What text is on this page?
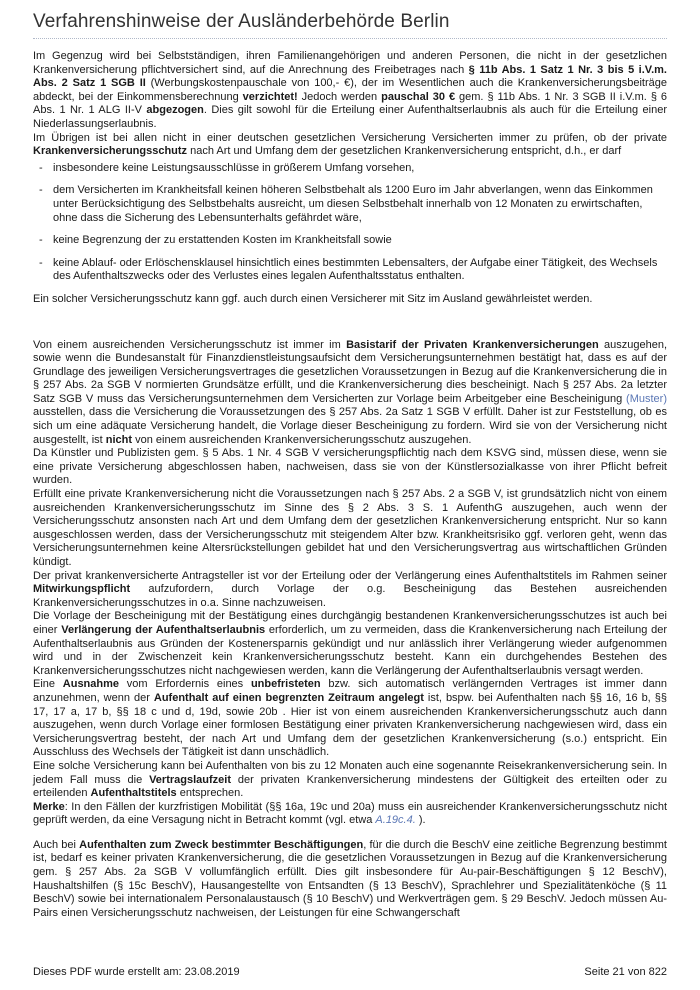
Verfahrenshinweise der Ausländerbehörde Berlin

Im Gegenzug wird bei Selbstständigen, ihren Familienangehörigen und anderen Personen, die nicht in der gesetzlichen Krankenversicherung pflichtversichert sind, auf die Anrechnung des Freibetrages nach § 11b Abs. 1 Satz 1 Nr. 3 bis 5 i.V.m. Abs. 2 Satz 1 SGB II (Werbungskostenpauschale von 100,- €), der im Wesentlichen auch die Krankenversicherungsbeiträge abdeckt, bei der Einkommensberechnung verzichtet! Jedoch werden pauschal 30 € gem. § 11b Abs. 1 Nr. 3 SGB II i.V.m. § 6 Abs. 1 Nr. 1 ALG II-V abgezogen. Dies gilt sowohl für die Erteilung einer Aufenthaltserlaubnis als auch für die Erteilung einer Niederlassungserlaubnis.

Im Übrigen ist bei allen nicht in einer deutschen gesetzlichen Versicherung Versicherten immer zu prüfen, ob der private Krankenversicherungsschutz nach Art und Umfang dem der gesetzlichen Krankenversicherung entspricht, d.h., er darf

- insbesondere keine Leistungsausschlüsse in größerem Umfang vorsehen,
- dem Versicherten im Krankheitsfall keinen höheren Selbstbehalt als 1200 Euro im Jahr abverlangen, wenn das Einkommen unter Berücksichtigung des Selbstbehalts ausreicht, um diesen Selbstbehalt innerhalb von 12 Monaten zu erwirtschaften, ohne dass die Sicherung des Lebensunterhalts gefährdet wäre,
- keine Begrenzung der zu erstattenden Kosten im Krankheitsfall sowie
- keine Ablauf- oder Erlöschensklausel hinsichtlich eines bestimmten Lebensalters, der Aufgabe einer Tätigkeit, des Wechsels des Aufenthaltszwecks oder des Verlustes eines legalen Aufenthaltsstatus enthalten.

Ein solcher Versicherungsschutz kann ggf. auch durch einen Versicherer mit Sitz im Ausland gewährleistet werden.

Von einem ausreichenden Versicherungsschutz ist immer im Basistarif der Privaten Krankenversicherungen auszugehen, sowie wenn die Bundesanstalt für Finanzdienstleistungsaufsicht dem Versicherungsunternehmen bestätigt hat, dass es auf der Grundlage des jeweiligen Versicherungsvertrages die gesetzlichen Voraussetzungen in Bezug auf die Krankenversicherung die in § 257 Abs. 2a SGB V normierten Grundsätze erfüllt, und die Krankenversicherung dies bescheinigt. Nach § 257 Abs. 2a letzter Satz SGB V muss das Versicherungsunternehmen dem Versicherten zur Vorlage beim Arbeitgeber eine Bescheinigung (Muster) ausstellen, dass die Versicherung die Voraussetzungen des § 257 Abs. 2a Satz 1 SGB V erfüllt. Daher ist zur Feststellung, ob es sich um eine adäquate Versicherung handelt, die Vorlage dieser Bescheinigung zu fordern. Wird sie von der Versicherung nicht ausgestellt, ist nicht von einem ausreichenden Krankenversicherungsschutz auszugehen.

Da Künstler und Publizisten gem. § 5 Abs. 1 Nr. 4 SGB V versicherungspflichtig nach dem KSVG sind, müssen diese, wenn sie eine private Versicherung abgeschlossen haben, nachweisen, dass sie von der Künstlersozialkasse von ihrer Pflicht befreit wurden.

Erfüllt eine private Krankenversicherung nicht die Voraussetzungen nach § 257 Abs. 2 a SGB V, ist grundsätzlich nicht von einem ausreichenden Krankenversicherungsschutz im Sinne des § 2 Abs. 3 S. 1 AufenthG auszugehen, auch wenn der Versicherungsschutz ansonsten nach Art und dem Umfang dem der gesetzlichen Krankenversicherung entspricht. Nur so kann ausgeschlossen werden, dass der Versicherungsschutz mit steigendem Alter bzw. Krankheitsrisiko ggf. verloren geht, wenn das Versicherungsunternehmen keine Altersrückstellungen gebildet hat und den Versicherungsvertrag aus wirtschaftlichen Gründen kündigt.

Der privat krankenversicherte Antragsteller ist vor der Erteilung oder der Verlängerung eines Aufenthaltstitels im Rahmen seiner Mitwirkungspflicht aufzufordern, durch Vorlage der o.g. Bescheinigung das Bestehen ausreichenden Krankenversicherungsschutzes in o.a. Sinne nachzuweisen.

Die Vorlage der Bescheinigung mit der Bestätigung eines durchgängig bestandenen Krankenversicherungsschutzes ist auch bei einer Verlängerung der Aufenthaltserlaubnis erforderlich, um zu vermeiden, dass die Krankenversicherung nach Erteilung der Aufenthaltserlaubnis aus Gründen der Kostenersparnis gekündigt und nur anlässlich ihrer Verlängerung wieder aufgenommen wird und in der Zwischenzeit kein Krankenversicherungsschutz besteht. Kann ein durchgehendes Bestehen des Krankenversicherungsschutzes nicht nachgewiesen werden, kann die Verlängerung der Aufenthaltserlaubnis versagt werden.

Eine Ausnahme vom Erfordernis eines unbefristeten bzw. sich automatisch verlängernden Vertrages ist immer dann anzunehmen, wenn der Aufenthalt auf einen begrenzten Zeitraum angelegt ist, bspw. bei Aufenthalten nach §§ 16, 16 b, §§ 17, 17 a, 17 b, §§ 18 c und d, 19d, sowie 20b . Hier ist von einem ausreichenden Krankenversicherungsschutz auch dann auszugehen, wenn durch Vorlage einer formlosen Bestätigung einer privaten Krankenversicherung nachgewiesen wird, dass ein Versicherungsvertrag besteht, der nach Art und Umfang dem der gesetzlichen Krankenversicherung (s.o.) entspricht. Ein Ausschluss des Wechsels der Tätigkeit ist dann unschädlich.

Eine solche Versicherung kann bei Aufenthalten von bis zu 12 Monaten auch eine sogenannte Reisekrankenversicherung sein. In jedem Fall muss die Vertragslaufzeit der privaten Krankenversicherung mindestens der Gültigkeit des erteilten oder zu erteilenden Aufenthaltstitels entsprechen.

Merke: In den Fällen der kurzfristigen Mobilität (§§ 16a, 19c und 20a) muss ein ausreichender Krankenversicherungsschutz nicht geprüft werden, da eine Versagung nicht in Betracht kommt (vgl. etwa A.19c.4. ).

Auch bei Aufenthalten zum Zweck bestimmter Beschäftigungen, für die durch die BeschV eine zeitliche Begrenzung bestimmt ist, bedarf es keiner privaten Krankenversicherung, die die gesetzlichen Voraussetzungen in Bezug auf die Krankenversicherung gem. § 257 Abs. 2a SGB V vollumfänglich erfüllt. Dies gilt insbesondere für Au-pair-Beschäftigungen § 12 BeschV), Haushaltshilfen (§ 15c BeschV), Hausangestellte von Entsandten (§ 13 BeschV), Sprachlehrer und Spezialitätenköche (§ 11 BeschV) sowie bei internationalem Personalaustausch (§ 10 BeschV) und Werkverträgen gem. § 29 BeschV. Jedoch müssen Au-Pairs einen Versicherungsschutz nachweisen, der Leistungen für eine Schwangerschaft

Dieses PDF wurde erstellt am: 23.08.2019	Seite 21 von 822
